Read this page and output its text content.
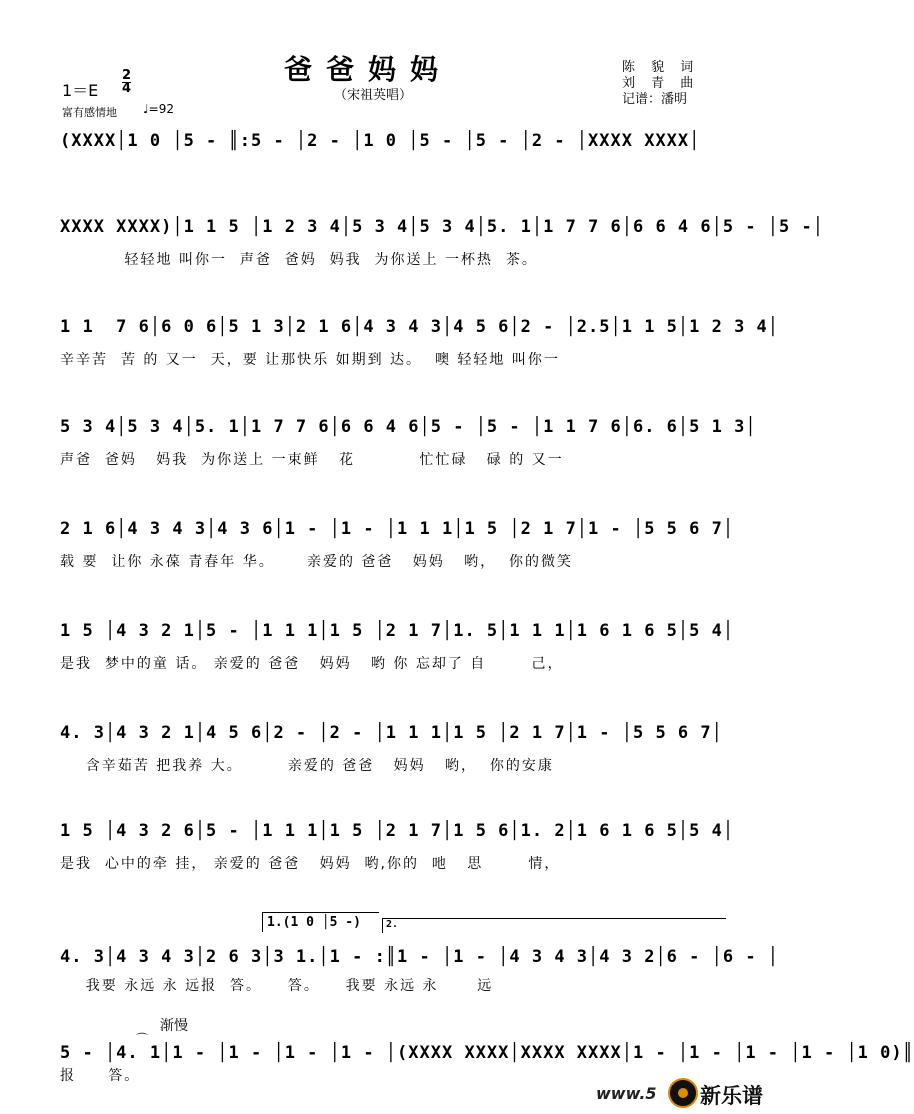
爸爸妈妈
（宋祖英唱）
陈 貌 词
刘 青 曲
记谱：潘明
$1=E \frac{2}{4}$
富有感情地 ♩=92
(XXXX│1 0 │5 - ║:5 - │2 - │1 0 │5 - │5 - │2 - │XXXX XXXX│
XXXX XXXX)│1 1 5 │1 2 3 4│5 3 4│5 3 4│5. 1│1 7 7 6│6 6 4 6│5 - │5 -│
轻轻地 叫你一  声爸  爸妈  妈我  为你送上 一杯热  茶。
1 1  7 6│6 0 6│5 1 3│2 1 6│4 3 4 3│4 5 6│2 - │2.5│1 1 5│1 2 3 4│
辛辛苦  苦 的 又一  天，要 让那快乐 如期到 达。  噢 轻轻地 叫你一
5 3 4│5 3 4│5. 1│1 7 7 6│6 6 4 6│5 - │5 - │1 1 7 6│6. 6│5 1 3│
声爸  爸妈   妈我  为你送上 一束鲜   花          忙忙碌   碌 的 又一
2 1 6│4 3 4 3│4 3 6│1 - │1 - │1 1 1│1 5 │2 1 7│1 - │5 5 6 7│
载 要  让你 永葆 青春年 华。     亲爱的 爸爸   妈妈   哟，  你的微笑
1 5 │4 3 2 1│5 - │1 1 1│1 5 │2 1 7│1. 5│1 1 1│1 6 1 6 5│5 4│
是我  梦中的童 话。 亲爱的 爸爸   妈妈   哟 你 忘却了 自       己，
4. 3│4 3 2 1│4 5 6│2 - │2 - │1 1 1│1 5 │2 1 7│1 - │5 5 6 7│
含辛茹苦 把我养 大。       亲爱的 爸爸   妈妈   哟，  你的安康
1 5 │4 3 2 6│5 - │1 1 1│1 5 │2 1 7│1 5 6│1. 2│1 6 1 6 5│5 4│
是我  心中的牵 挂， 亲爱的 爸爸   妈妈  哟,你的  吔   思       情，
1.(1 0 │5 -)	2.
4. 3│4 3 4 3│2 6 3│3 1.│1 - :║1 - │1 - │4 3 4 3│4 3 2│6 - │6 - │
我要 永远 永 远报  答。    答。    我要 永远 永      远
渐慢
⌒
5 - │4. 1│1 - │1 - │1 - │1 - │(XXXX XXXX│XXXX XXXX│1 - │1 - │1 - │1 - │1 0)║
报     答。
www.5 新乐谱
